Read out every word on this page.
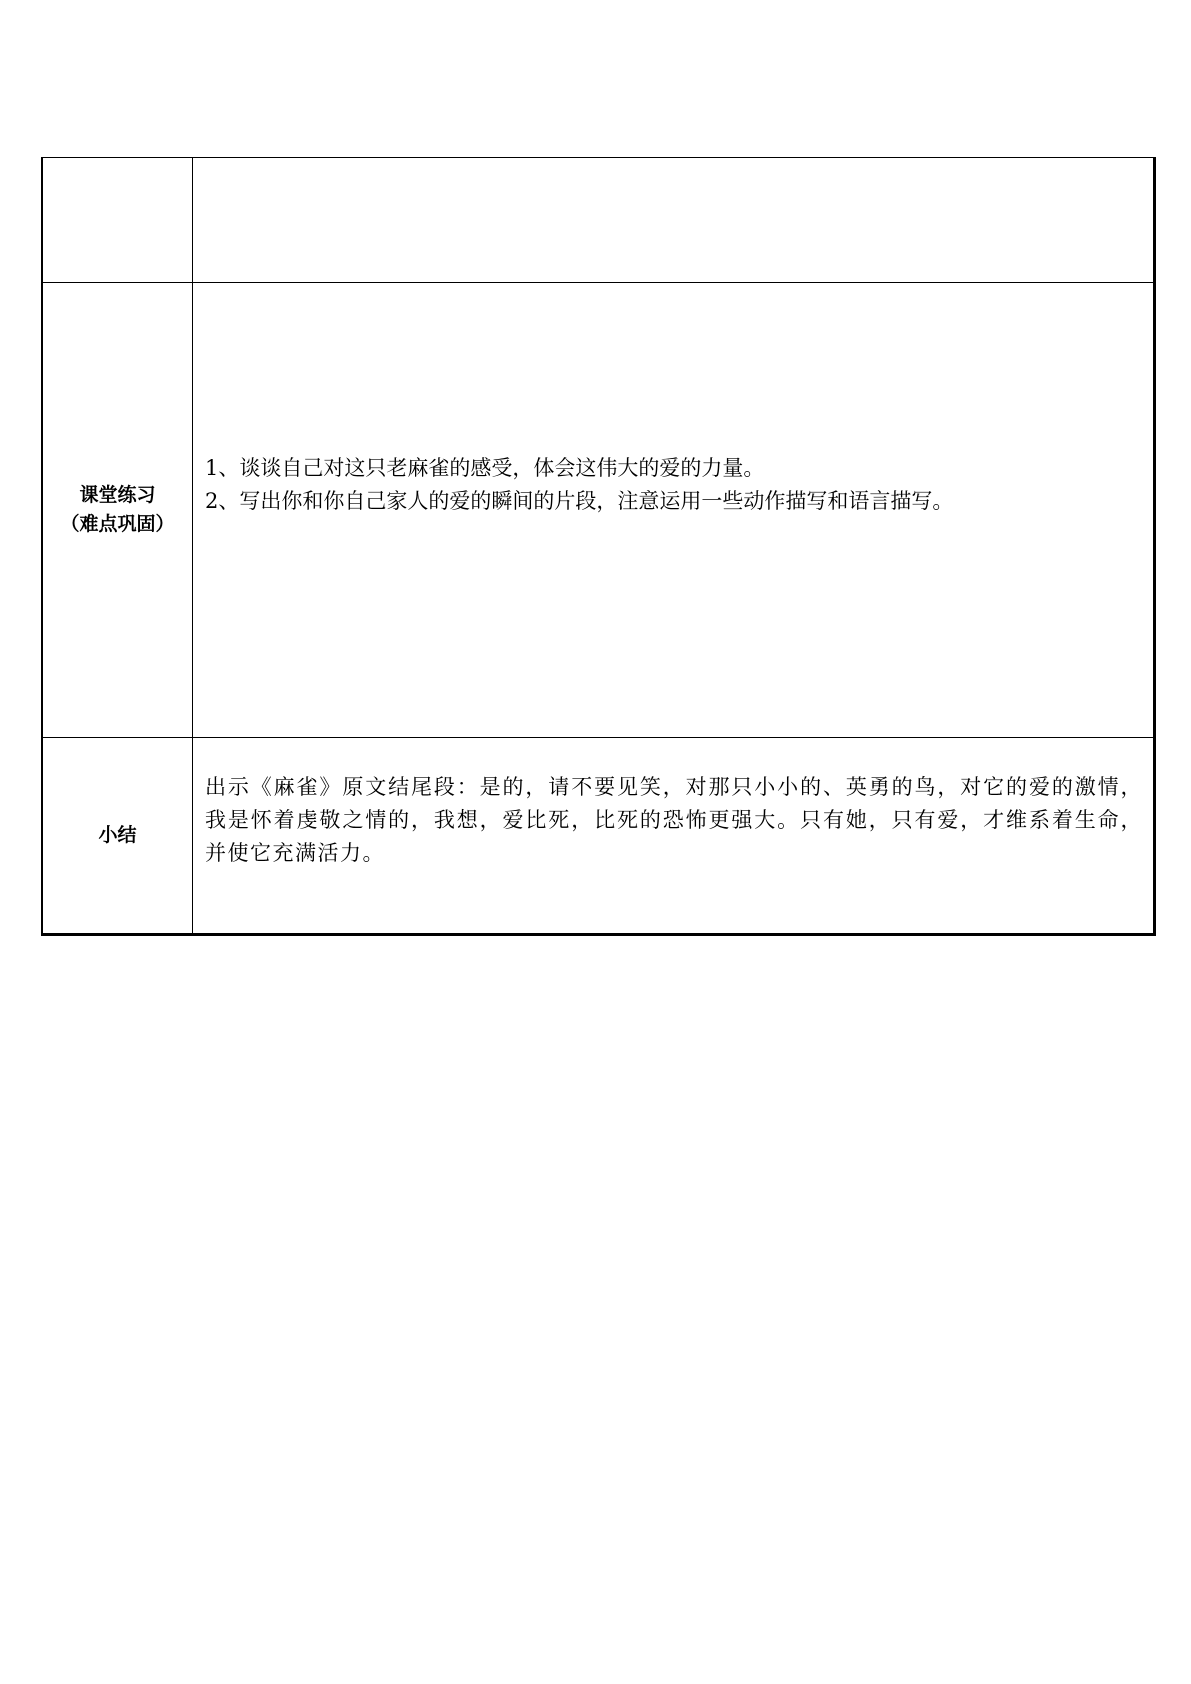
课堂练习
（难点巩固）
1、谈谈自己对这只老麻雀的感受，体会这伟大的爱的力量。
2、写出你和你自己家人的爱的瞬间的片段，注意运用一些动作描写和语言描写。
小结

出示《麻雀》原文结尾段：是的，请不要见笑，对那只小小的、英勇的鸟，对它的爱的激情，我是怀着虔敬之情的，我想，爱比死，比死的恐怖更强大。只有她，只有爱，才维系着生命，并使它充满活力。
